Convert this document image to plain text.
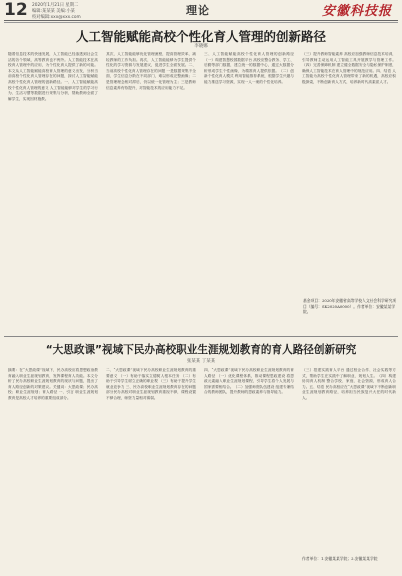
12 2020年1月21日 星期二
编辑:某某某 美编:小某
校对编辑:xxx@xxx.com
理论	安徽科技报
人工智能赋能高校个性化育人管理的创新路径
李晓娜
随着信息技术的快速发展，人工智能已经渗透到社会生活的各个领域，高等教育也不例外。人工智能技术在高校育人管理中的应用，为个性化育人提供了新的可能。本文从人工智能赋能高校育人管理的意义出发，分析当前高校个性化育人管理存在的问题，探讨人工智能赋能高校个性化育人管理的创新路径。一、人工智能赋能高校个性化育人管理的意义 人工智能能够对学生的学习行为、生活习惯等数据进行采集与分析，帮助教师全面了解学生，实现因材施教。
其次，人工智能能够优化管理流程，提高管理效率，减轻教师的工作负担。再次，人工智能能够为学生提供个性化的学习资源与发展建议，促进学生全面发展。二、当前高校个性化育人管理存在的问题 一是数据采集不全面，学生信息分散在不同部门，难以形成完整画像；二是管理理念相对滞后，仍以统一化管理为主；三是教师信息素养有待提升，对智能技术的应用能力不足。
三、人工智能赋能高校个性化育人管理的创新路径 （一）构建智慧校园数据平台 高校应整合教务、学工、后勤等部门数据，建立统一的数据中心，通过大数据分析形成学生个性画像，为精准育人提供依据。（二）创新个性化育人模式 利用智能推荐系统，根据学生兴趣与能力推送学习资源，实现一人一案的个性化培养。
（三）提升教师智能素养 高校应加强教师信息技术培训，引导教师主动运用人工智能工具开展教学与管理工作。（四）完善保障机制 建立健全数据安全与隐私保护制度，确保人工智能技术在育人管理中的规范应用。四、结语 人工智能为高校个性化育人管理带来了新的机遇，高校应积极探索，不断创新育人方式，培养新时代高素质人才。
基金项目：2020年安徽省高等学校人文社会科学研究项目（编号：SK2020A0000）。作者单位：安徽某某学院。
“大思政课”视域下民办高校职业生涯规划教育的育人路径创新研究
张某某 丁某某
摘要：在“大思政课”视域下，民办高校应将思想政治教育融入职业生涯规划教育，发挥课程育人功能。本文分析了民办高校职业生涯规划教育的现状与问题，提出了育人路径创新的对策建议。关键词：大思政课；民办高校；职业生涯规划；育人路径 一、引言 职业生涯规划教育是高校人才培养的重要组成部分。
二、“大思政课”视域下民办高校职业生涯规划教育的重要意义 （一）有助于落实立德树人根本任务 （二）有助于引导学生树立正确的职业观 （三）有助于提升学生就业竞争力 三、民办高校职业生涯规划教育存在的问题 部分民办高校对职业生涯规划教育重视不够，课程设置不够合理，师资力量相对薄弱。
四、“大思政课”视域下民办高校职业生涯规划教育的育人路径 （一）优化课程体系，推动课程思政建设 将思政元素融入职业生涯规划课程，引导学生将个人发展与国家需要相结合。（二）加强师资队伍建设 组建专兼结合的教师团队，提升教师的思政素养与指导能力。
（三）搭建实践育人平台 通过校企合作、社会实践等方式，帮助学生在实践中了解职业、规划人生。（四）构建协同育人机制 整合学校、家庭、社会资源，形成育人合力。五、结语 民办高校应在“大思政课”视域下不断创新职业生涯规划教育路径，培养担当民族复兴大任的时代新人。
作者单位：1.安徽某某学院；2.安徽某某学院
